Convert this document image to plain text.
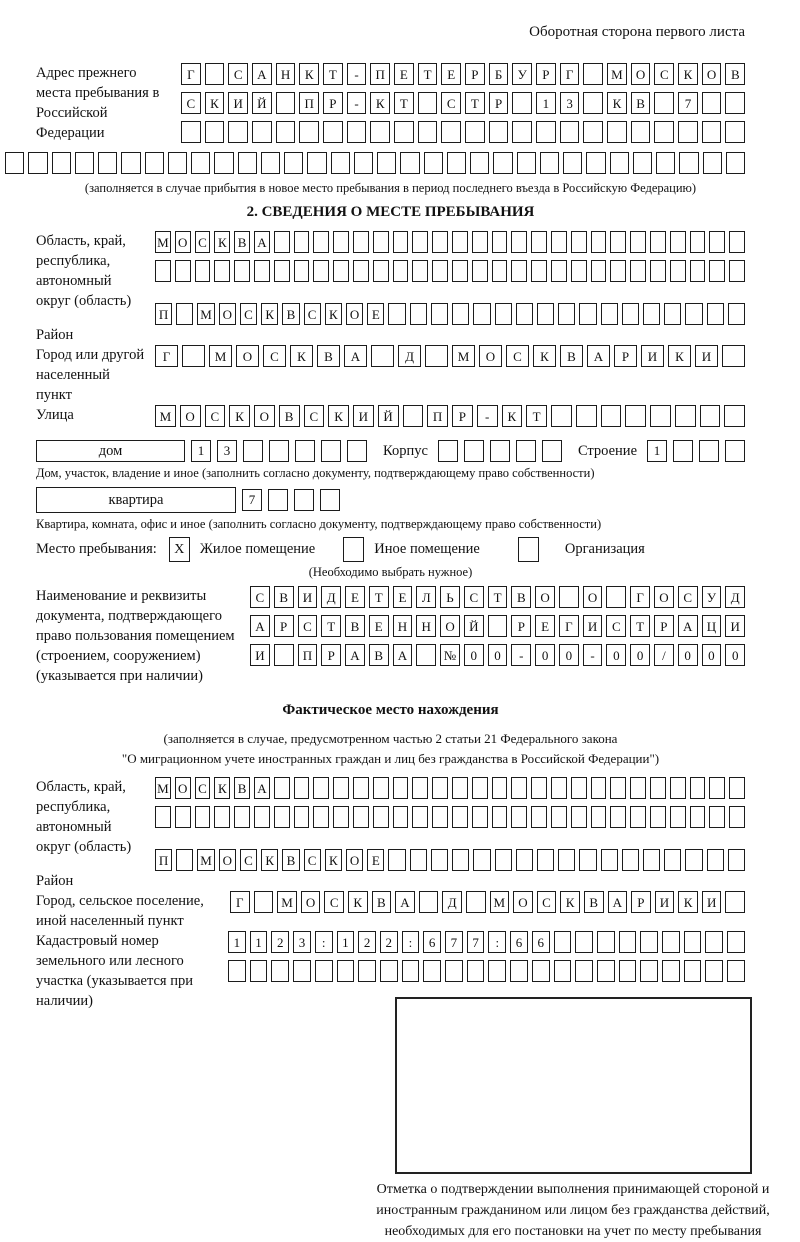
Оборотная сторона первого листа
Адрес прежнего места пребывания в Российской Федерации
Г	С	А	Н	К	Т	-	П	Е	Т	Е	Р	Б	У	Р	Г	М	О	С	К	О	В
С	К	И	Й	П	Р	-	К	Т	С	Т	Р	1	3	К	В	7
(заполняется в случае прибытия в новое место пребывания в период последнего въезда в Российскую Федерацию)
2. СВЕДЕНИЯ О МЕСТЕ ПРЕБЫВАНИЯ
Область, край, республика, автономный округ (область)
М О С К В А
Район
П	М О С К В С К О Е
Город или другой населенный пункт
Г	М	О	С	К	В	А	Д	М	О	С	К	В	А	Р	И	К	И
Улица	М	О	С	К	О	В	С	К	И	Й	П	Р	-	К	Т
дом	1	3	Корпус	Строение	1
Дом, участок, владение и иное (заполнить согласно документу, подтверждающему право собственности)
квартира	7
Квартира, комната, офис и иное (заполнить согласно документу, подтверждающему право собственности)
Место пребывания:	X	Жилое помещение	Иное помещение	Организация
(Необходимо выбрать нужное)
Наименование и реквизиты документа, подтверждающего право пользования помещением (строением, сооружением) (указывается при наличии)
С	В	И	Д	Е	Т	Е	Л	Ь	С	Т	В	О	О	Г	О	С	У	Д
А	Р	С	Т	В	Е	Н	Н	О	Й	Р	Е	Г	И	С	Т	Р	А	Ц	И
И	П	Р	А	В	А	№	0	0	-	0	0	-	0	0	/	0	0	0
Фактическое место нахождения
(заполняется в случае, предусмотренном частью 2 статьи 21 Федерального закона
"О миграционном учете иностранных граждан и лиц без гражданства в Российской Федерации")
Область, край, республика, автономный округ (область)
М О С К В А
Район
П	М О С К В С К О Е
Город, сельское поселение, иной населенный пункт
Г	М	О	С	К	В	А	Д	М	О	С	К	В	А	Р	И	К	И
Кадастровый номер земельного или лесного участка (указывается при наличии)
1	1	2	3	:	1	2	2	:	6	7	7	:	6	6
Отметка о подтверждении выполнения принимающей стороной и иностранным гражданином или лицом без гражданства действий, необходимых для его постановки на учет по месту пребывания
